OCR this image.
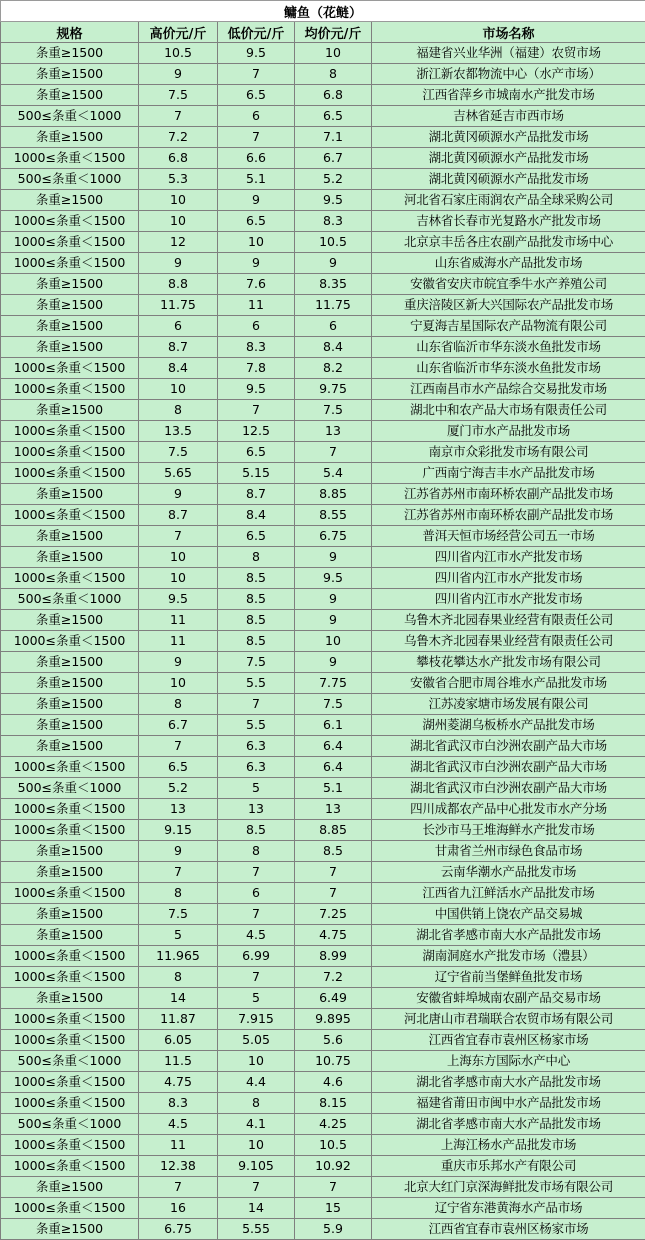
鳙鱼（花鲢）				
规格	高价元/斤	低价元/斤	均价元/斤	市场名称
条重≥1500	10.5	9.5	10	福建省兴业华洲（福建）农贸市场
条重≥1500	9	7	8	浙江新农都物流中心（水产市场）
条重≥1500	7.5	6.5	6.8	江西省萍乡市城南水产批发市场
500≤条重＜1000	7	6	6.5	吉林省延吉市西市场
条重≥1500	7.2	7	7.1	湖北黄冈硕源水产品批发市场
1000≤条重＜1500	6.8	6.6	6.7	湖北黄冈硕源水产品批发市场
500≤条重＜1000	5.3	5.1	5.2	湖北黄冈硕源水产品批发市场
条重≥1500	10	9	9.5	河北省石家庄雨润农产品全球采购公司
1000≤条重＜1500	10	6.5	8.3	吉林省长春市光复路水产批发市场
1000≤条重＜1500	12	10	10.5	北京京丰岳各庄农副产品批发市场中心
1000≤条重＜1500	9	9	9	山东省威海水产品批发市场
条重≥1500	8.8	7.6	8.35	安徽省安庆市皖宜季牛水产养殖公司
条重≥1500	11.75	11	11.75	重庆涪陵区新大兴国际农产品批发市场
条重≥1500	6	6	6	宁夏海吉星国际农产品物流有限公司
条重≥1500	8.7	8.3	8.4	山东省临沂市华东淡水鱼批发市场
1000≤条重＜1500	8.4	7.8	8.2	山东省临沂市华东淡水鱼批发市场
1000≤条重＜1500	10	9.5	9.75	江西南昌市水产品综合交易批发市场
条重≥1500	8	7	7.5	湖北中和农产品大市场有限责任公司
1000≤条重＜1500	13.5	12.5	13	厦门市水产品批发市场
1000≤条重＜1500	7.5	6.5	7	南京市众彩批发市场有限公司
1000≤条重＜1500	5.65	5.15	5.4	广西南宁海吉丰水产品批发市场
条重≥1500	9	8.7	8.85	江苏省苏州市南环桥农副产品批发市场
1000≤条重＜1500	8.7	8.4	8.55	江苏省苏州市南环桥农副产品批发市场
条重≥1500	7	6.5	6.75	普洱天恒市场经营公司五一市场
条重≥1500	10	8	9	四川省内江市水产批发市场
1000≤条重＜1500	10	8.5	9.5	四川省内江市水产批发市场
500≤条重＜1000	9.5	8.5	9	四川省内江市水产批发市场
条重≥1500	11	8.5	9	乌鲁木齐北园春果业经营有限责任公司
1000≤条重＜1500	11	8.5	10	乌鲁木齐北园春果业经营有限责任公司
条重≥1500	9	7.5	9	攀枝花攀达水产批发市场有限公司
条重≥1500	10	5.5	7.75	安徽省合肥市周谷堆水产品批发市场
条重≥1500	8	7	7.5	江苏凌家塘市场发展有限公司
条重≥1500	6.7	5.5	6.1	湖州菱湖乌板桥水产品批发市场
条重≥1500	7	6.3	6.4	湖北省武汉市白沙洲农副产品大市场
1000≤条重＜1500	6.5	6.3	6.4	湖北省武汉市白沙洲农副产品大市场
500≤条重＜1000	5.2	5	5.1	湖北省武汉市白沙洲农副产品大市场
1000≤条重＜1500	13	13	13	四川成都农产品中心批发市水产分场
1000≤条重＜1500	9.15	8.5	8.85	长沙市马王堆海鲜水产批发市场
条重≥1500	9	8	8.5	甘肃省兰州市绿色食品市场
条重≥1500	7	7	7	云南华潮水产品批发市场
1000≤条重＜1500	8	6	7	江西省九江鲜活水产品批发市场
条重≥1500	7.5	7	7.25	中国供销上饶农产品交易城
条重≥1500	5	4.5	4.75	湖北省孝感市南大水产品批发市场
1000≤条重＜1500	11.965	6.99	8.99	湖南洞庭水产批发市场（澧县）
1000≤条重＜1500	8	7	7.2	辽宁省前当堡鲜鱼批发市场
条重≥1500	14	5	6.49	安徽省蚌埠城南农副产品交易市场
1000≤条重＜1500	11.87	7.915	9.895	河北唐山市君瑞联合农贸市场有限公司
1000≤条重＜1500	6.05	5.05	5.6	江西省宜春市袁州区杨家市场
500≤条重＜1000	11.5	10	10.75	上海东方国际水产中心
1000≤条重＜1500	4.75	4.4	4.6	湖北省孝感市南大水产品批发市场
1000≤条重＜1500	8.3	8	8.15	福建省莆田市闽中水产品批发市场
500≤条重＜1000	4.5	4.1	4.25	湖北省孝感市南大水产品批发市场
1000≤条重＜1500	11	10	10.5	上海江杨水产品批发市场
1000≤条重＜1500	12.38	9.105	10.92	重庆市乐邦水产有限公司
条重≥1500	7	7	7	北京大红门京深海鲜批发市场有限公司
1000≤条重＜1500	16	14	15	辽宁省东港黄海水产品市场
条重≥1500	6.75	5.55	5.9	江西省宜春市袁州区杨家市场
